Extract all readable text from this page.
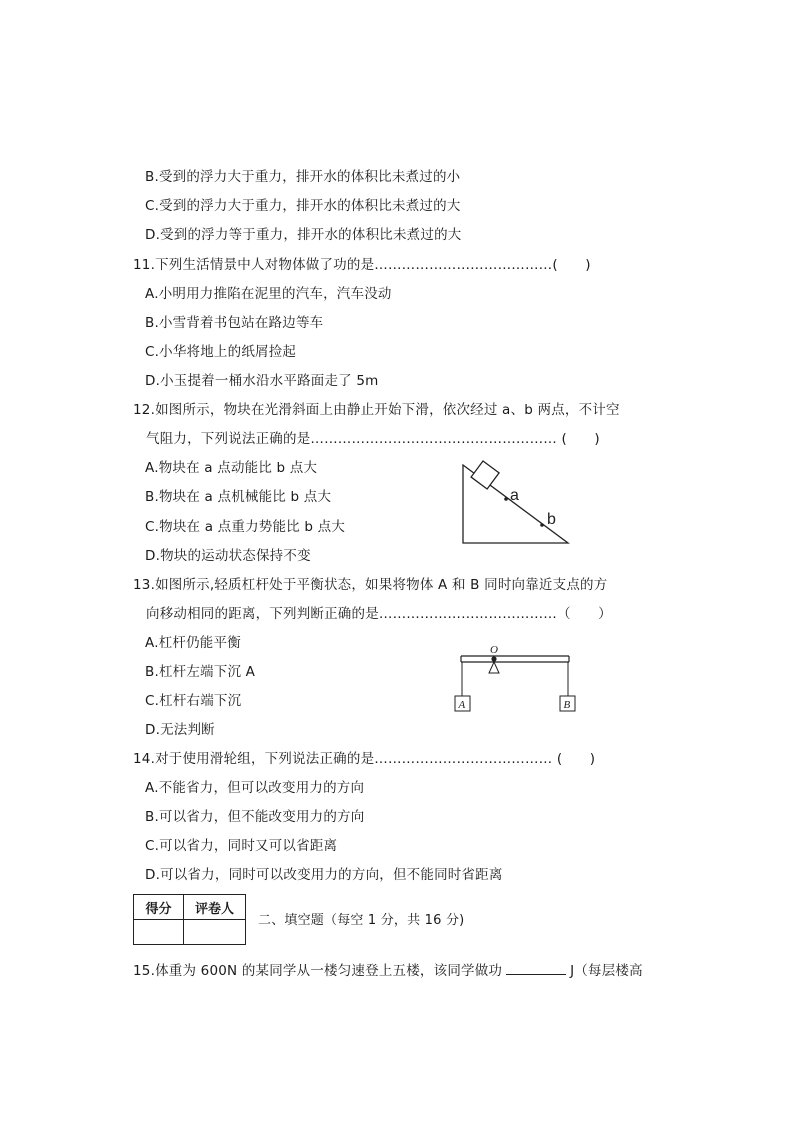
B.受到的浮力大于重力，排开水的体积比未煮过的小
C.受到的浮力大于重力，排开水的体积比未煮过的大
D.受到的浮力等于重力，排开水的体积比未煮过的大
11.下列生活情景中人对物体做了功的是…………………………………(　　)
A.小明用力推陷在泥里的汽车，汽车没动
B.小雪背着书包站在路边等车
C.小华将地上的纸屑捡起
D.小玉提着一桶水沿水平路面走了 5m
12.如图所示，物块在光滑斜面上由静止开始下滑，依次经过 a、b 两点，不计空
气阻力，下列说法正确的是……………………………………………… (　　)
A.物块在 a 点动能比 b 点大
B.物块在 a 点机械能比 b 点大
C.物块在 a 点重力势能比 b 点大
D.物块的运动状态保持不变
a
b
13.如图所示,轻质杠杆处于平衡状态，如果将物体 A 和 B 同时向靠近支点的方
向移动相同的距离，下列判断正确的是…………………………………（　　）
A.杠杆仍能平衡
B.杠杆左端下沉 A
C.杠杆右端下沉
D.无法判断
O
A	B
14.对于使用滑轮组，下列说法正确的是………………………………… (　　)
A.不能省力，但可以改变用力的方向
B.可以省力，但不能改变用力的方向
C.可以省力，同时又可以省距离
D.可以省力，同时可以改变用力的方向，但不能同时省距离
得分	评卷人

二、填空题（每空 1 分，共 16 分)
15.体重为 600N 的某同学从一楼匀速登上五楼，该同学做功	J（每层楼高
